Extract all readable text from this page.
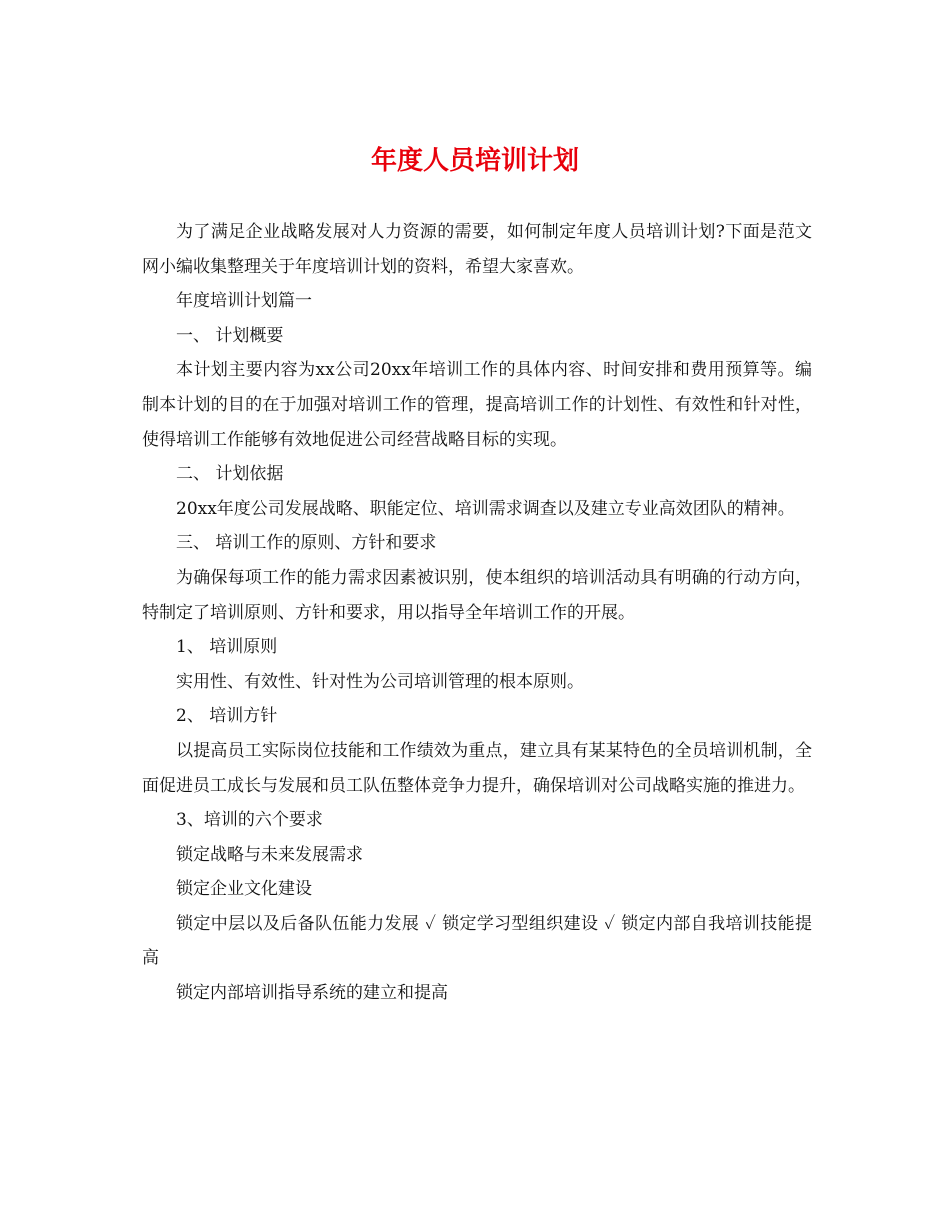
年度人员培训计划

为了满足企业战略发展对人力资源的需要，如何制定年度人员培训计划?下面是范文网小编收集整理关于年度培训计划的资料，希望大家喜欢。

年度培训计划篇一

一、 计划概要

本计划主要内容为xx公司20xx年培训工作的具体内容、时间安排和费用预算等。编制本计划的目的在于加强对培训工作的管理，提高培训工作的计划性、有效性和针对性，使得培训工作能够有效地促进公司经营战略目标的实现。

二、 计划依据

20xx年度公司发展战略、职能定位、培训需求调查以及建立专业高效团队的精神。

三、 培训工作的原则、方针和要求

为确保每项工作的能力需求因素被识别，使本组织的培训活动具有明确的行动方向，特制定了培训原则、方针和要求，用以指导全年培训工作的开展。

1、 培训原则

实用性、有效性、针对性为公司培训管理的根本原则。

2、 培训方针

以提高员工实际岗位技能和工作绩效为重点，建立具有某某特色的全员培训机制，全面促进员工成长与发展和员工队伍整体竞争力提升，确保培训对公司战略实施的推进力。

3、培训的六个要求

锁定战略与未来发展需求

锁定企业文化建设

锁定中层以及后备队伍能力发展 ✓ 锁定学习型组织建设 ✓ 锁定内部自我培训技能提高

锁定内部培训指导系统的建立和提高
